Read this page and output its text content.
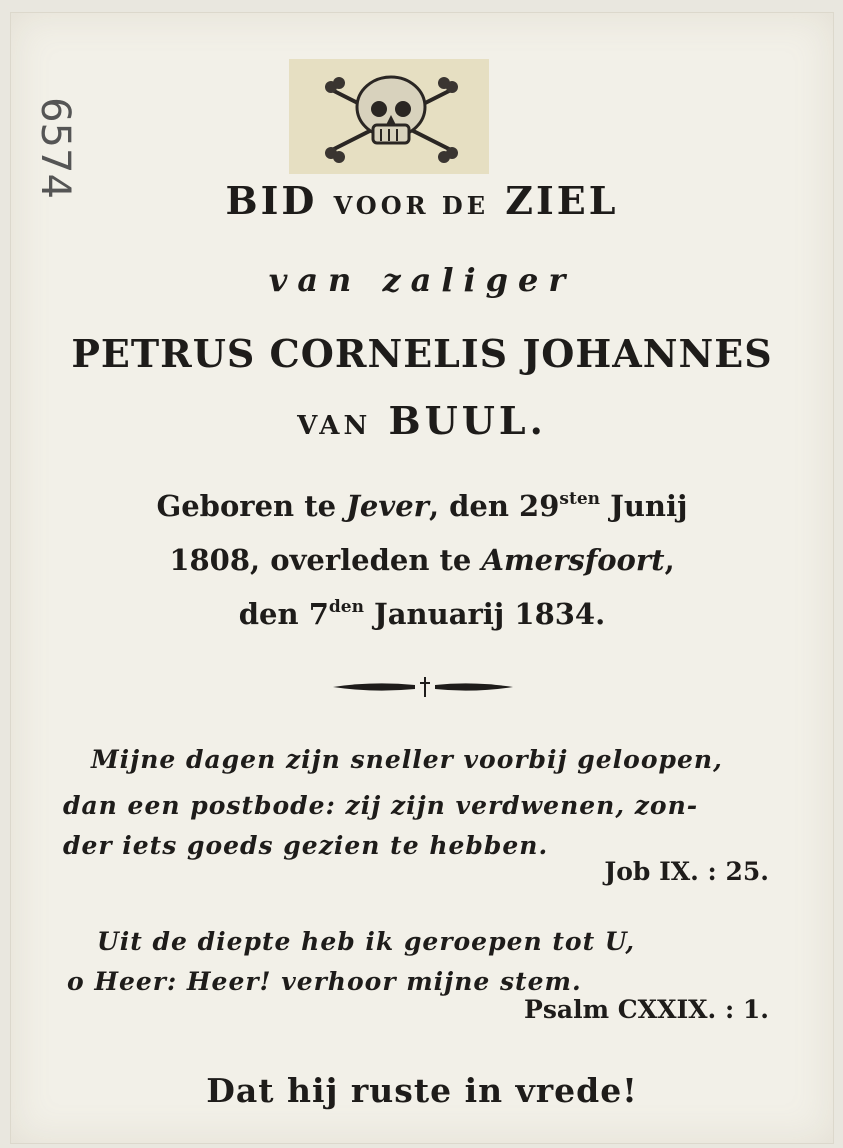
6574
BID VOOR DE ZIEL
van zaliger
PETRUS CORNELIS JOHANNES
VAN BUUL.
Geboren te Jever, den $29^{sten}$ Junij
1808, overleden te Amersfoort,
den $7^{den}$ Januarij 1834.
Mijne dagen zijn sneller voorbij geloopen,
dan een postbode: zij zijn verdwenen, zon-
der iets goeds gezien te hebben.
Job IX. : 25.
Uit de diepte heb ik geroepen tot U,
o Heer: Heer! verhoor mijne stem.
Psalm CXXIX. : 1.
Dat hij ruste in vrede!
